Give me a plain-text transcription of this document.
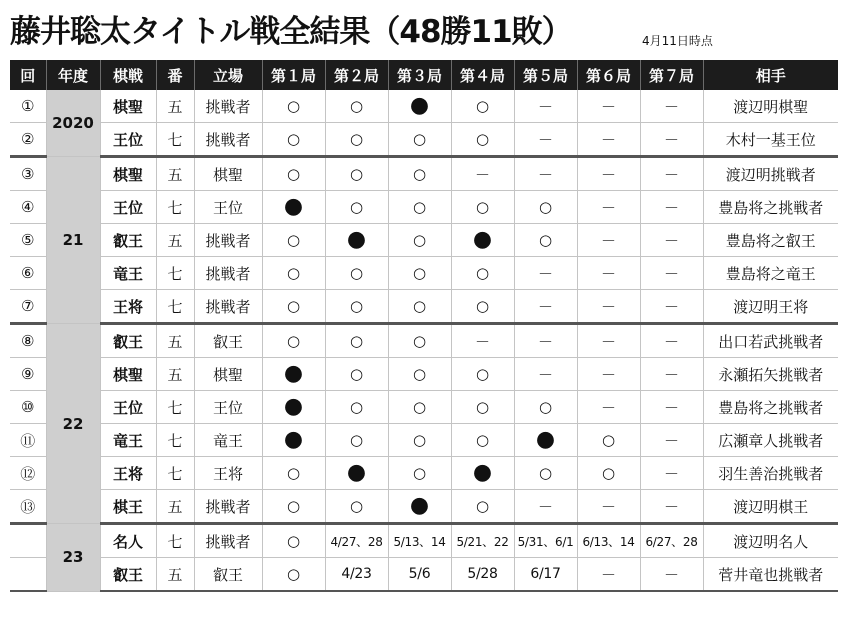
藤井聡太タイトル戦全結果（48勝11敗）	4月11日時点
回	年度	棋戦	番	立場	第１局	第２局	第３局	第４局	第５局	第６局	第７局	相手
①	2020	棋聖	五	挑戦者	○	○	●	○	－	－	－	渡辺明棋聖
②		王位	七	挑戦者	○	○	○	○	－	－	－	木村一基王位
③	21	棋聖	五	棋聖	○	○	○	－	－	－	－	渡辺明挑戦者
④		王位	七	王位	●	○	○	○	○	－	－	豊島将之挑戦者
⑤		叡王	五	挑戦者	○	●	○	●	○	－	－	豊島将之叡王
⑥		竜王	七	挑戦者	○	○	○	○	－	－	－	豊島将之竜王
⑦		王将	七	挑戦者	○	○	○	○	－	－	－	渡辺明王将
⑧	22	叡王	五	叡王	○	○	○	－	－	－	－	出口若武挑戦者
⑨		棋聖	五	棋聖	●	○	○	○	－	－	－	永瀬拓矢挑戦者
⑩		王位	七	王位	●	○	○	○	○	－	－	豊島将之挑戦者
⑪		竜王	七	竜王	●	○	○	○	●	○	－	広瀬章人挑戦者
⑫		王将	七	王将	○	●	○	●	○	○	－	羽生善治挑戦者
⑬		棋王	五	挑戦者	○	○	●	○	－	－	－	渡辺明棋王
	23	名人	七	挑戦者	○	4/27、28	5/13、14	5/21、22	5/31、6/1	6/13、14	6/27、28	渡辺明名人
		叡王	五	叡王	○	4/23	5/6	5/28	6/17	－	－	菅井竜也挑戦者
